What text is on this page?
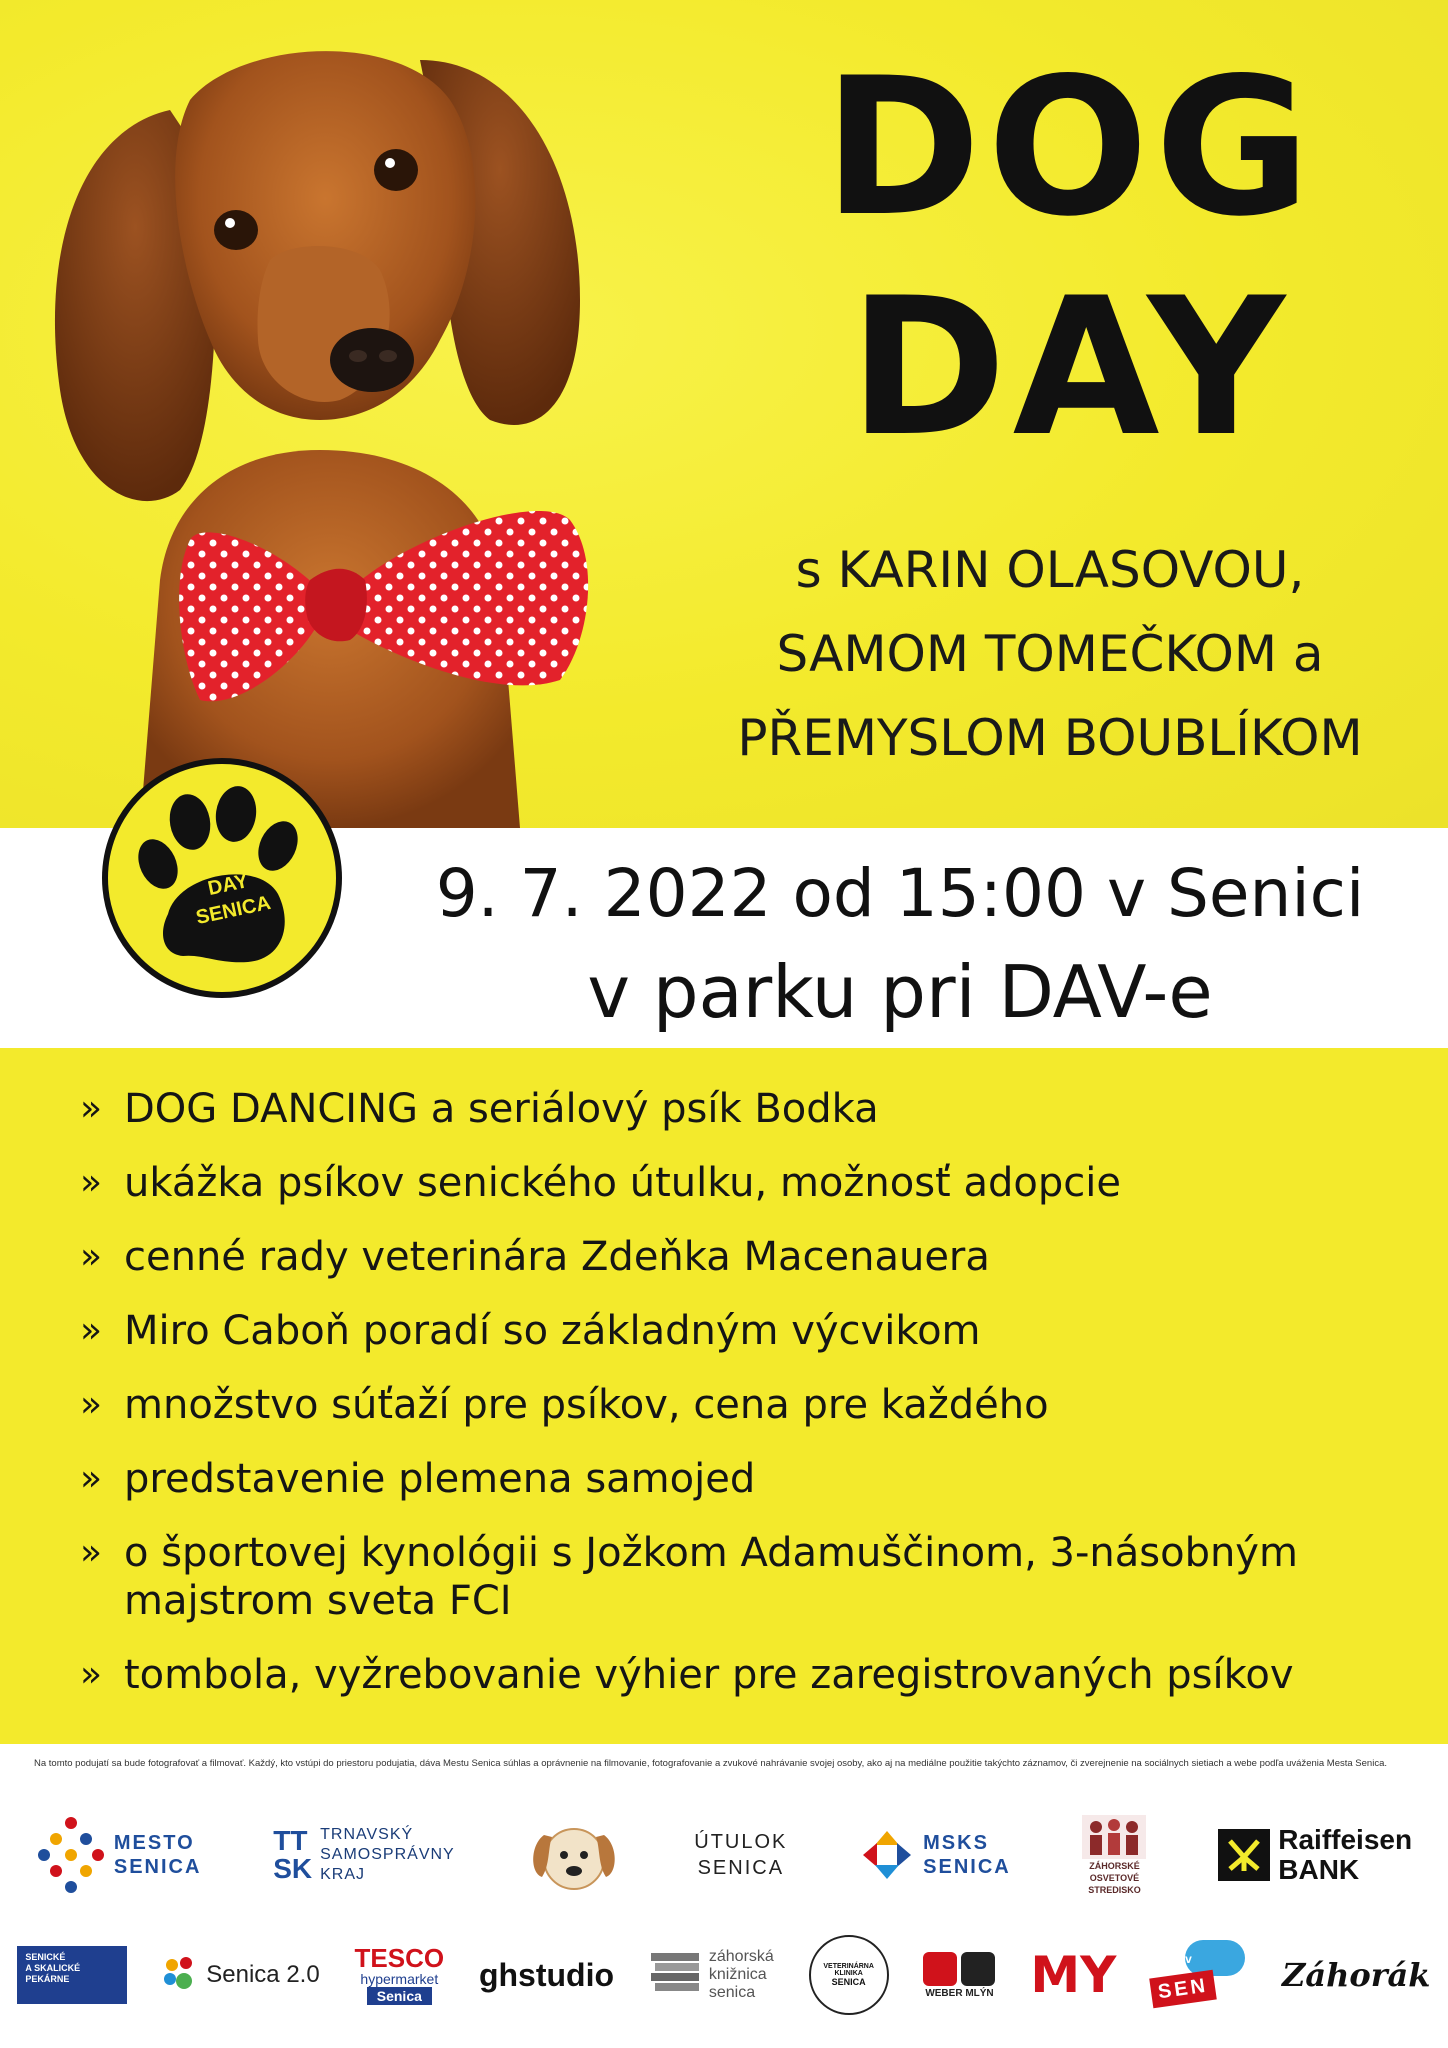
DOG
DAY
s KARIN OLASOVOU,
SAMOM TOMEČKOM a
PŘEMYSLOM BOUBLÍKOM
9. 7. 2022 od 15:00 v Senici
v parku pri DAV-e
DOG
DAY
SENICA
» DOG DANCING a seriálový psík Bodka
» ukážka psíkov senického útulku, možnosť adopcie
» cenné rady veterinára Zdeňka Macenauera
» Miro Caboň poradí so základným výcvikom
» množstvo súťaží pre psíkov, cena pre každého
» predstavenie plemena samojed
» o športovej kynológii s Jožkom Adamuščinom, 3-násobným majstrom sveta FCI
» tombola, vyžrebovanie výhier pre zaregistrovaných psíkov
Na tomto podujatí sa bude fotografovať a filmovať. Každý, kto vstúpi do priestoru podujatia, dáva Mestu Senica súhlas a oprávnenie na filmovanie, fotografovanie a zvukové nahrávanie svojej osoby, ako aj na mediálne použitie takýchto záznamov, či zverejnenie na sociálnych sietiach a webe podľa uváženia Mesta Senica.
MESTO
SENICA
TT
SK
TRNAVSKÝ
SAMOSPRÁVNY
KRAJ
ÚTULOK
SENICA
MSKS
SENICA	ZÁHORSKÉ
OSVETOVÉ
STREDISKO
Raiffeisen
BANK
SENICKÉ
A SKALICKÉ
PEKÁRNE	Senica 2.0
TESCO
hypermarket
Senica
ghstudio	záhorská
knižnica
senica
VETERINÁRNA KLINIKA
SENICA
WEBER MLÝN MY	tv
SEN Záhorák
